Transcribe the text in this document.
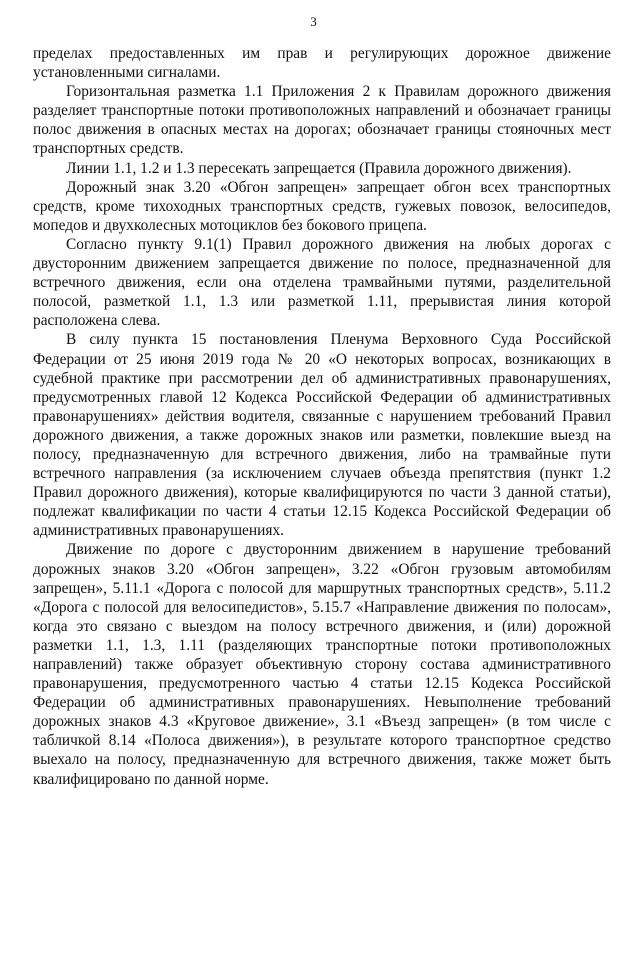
3

пределах предоставленных им прав и регулирующих дорожное движение установленными сигналами.

Горизонтальная разметка 1.1 Приложения 2 к Правилам дорожного движения разделяет транспортные потоки противоположных направлений и обозначает границы полос движения в опасных местах на дорогах; обозначает границы стояночных мест транспортных средств.

Линии 1.1, 1.2 и 1.3 пересекать запрещается (Правила дорожного движения).

Дорожный знак 3.20 «Обгон запрещен» запрещает обгон всех транспортных средств, кроме тихоходных транспортных средств, гужевых повозок, велосипедов, мопедов и двухколесных мотоциклов без бокового прицепа.

Согласно пункту 9.1(1) Правил дорожного движения на любых дорогах с двусторонним движением запрещается движение по полосе, предназначенной для встречного движения, если она отделена трамвайными путями, разделительной полосой, разметкой 1.1, 1.3 или разметкой 1.11, прерывистая линия которой расположена слева.

В силу пункта 15 постановления Пленума Верховного Суда Российской Федерации от 25 июня 2019 года № 20 «О некоторых вопросах, возникающих в судебной практике при рассмотрении дел об административных правонарушениях, предусмотренных главой 12 Кодекса Российской Федерации об административных правонарушениях» действия водителя, связанные с нарушением требований Правил дорожного движения, а также дорожных знаков или разметки, повлекшие выезд на полосу, предназначенную для встречного движения, либо на трамвайные пути встречного направления (за исключением случаев объезда препятствия (пункт 1.2 Правил дорожного движения), которые квалифицируются по части 3 данной статьи), подлежат квалификации по части 4 статьи 12.15 Кодекса Российской Федерации об административных правонарушениях.

Движение по дороге с двусторонним движением в нарушение требований дорожных знаков 3.20 «Обгон запрещен», 3.22 «Обгон грузовым автомобилям запрещен», 5.11.1 «Дорога с полосой для маршрутных транспортных средств», 5.11.2 «Дорога с полосой для велосипедистов», 5.15.7 «Направление движения по полосам», когда это связано с выездом на полосу встречного движения, и (или) дорожной разметки 1.1, 1.3, 1.11 (разделяющих транспортные потоки противоположных направлений) также образует объективную сторону состава административного правонарушения, предусмотренного частью 4 статьи 12.15 Кодекса Российской Федерации об административных правонарушениях. Невыполнение требований дорожных знаков 4.3 «Круговое движение», 3.1 «Въезд запрещен» (в том числе с табличкой 8.14 «Полоса движения»), в результате которого транспортное средство выехало на полосу, предназначенную для встречного движения, также может быть квалифицировано по данной норме.
